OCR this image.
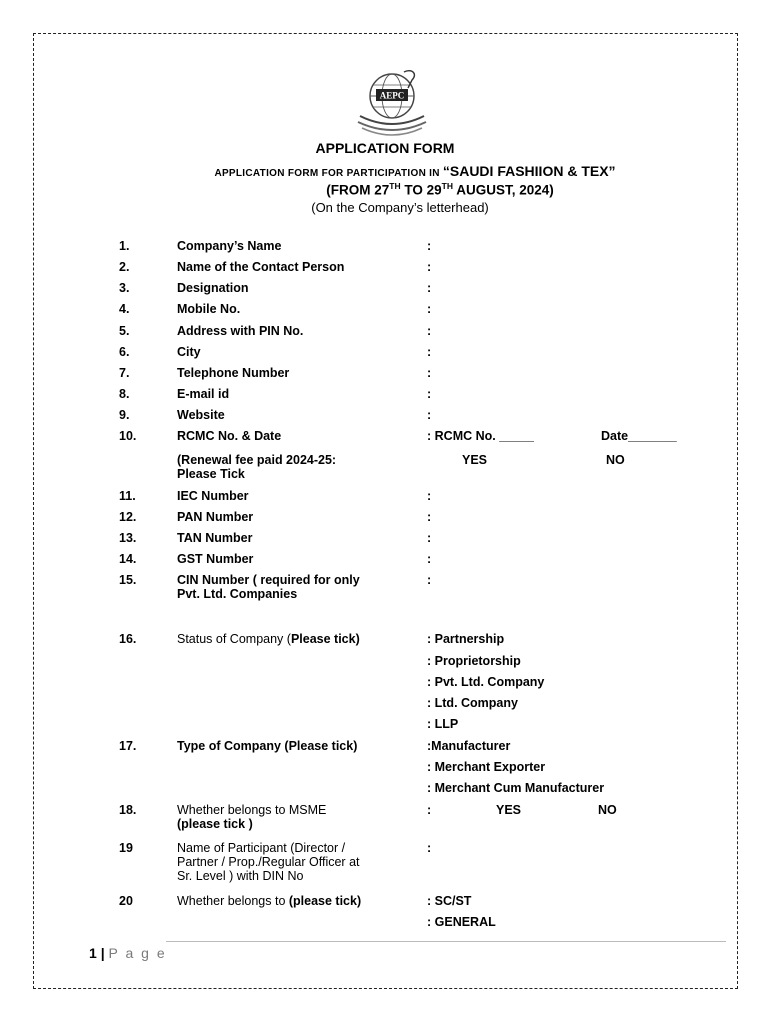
AEPC
APPLICATION FORM
APPLICATION FORM FOR PARTICIPATION IN “SAUDI FASHIION & TEX”
(FROM 27TH TO 29TH AUGUST, 2024)
(On the Company’s letterhead)
1.	Company’s Name	:
2.	Name of the Contact Person	:
3.	Designation	:
4.	Mobile No.	:
5.	Address with PIN No.	:
6.	City	:
7.	Telephone Number	:
8.	E-mail id	:
9.	Website	:
10.	RCMC No. & Date	: RCMC No. _____	Date_______
(Renewal fee paid 2024-25:
Please Tick
YES	NO
11.	IEC Number	:
12.	PAN Number	:
13.	TAN Number	:
14.	GST Number	:
15.	CIN Number ( required for only
Pvt. Ltd. Companies
:
16.	Status of Company (Please tick)	: Partnership
: Proprietorship
: Pvt. Ltd. Company
: Ltd. Company
: LLP
17.	Type of Company (Please tick)	:Manufacturer
: Merchant Exporter
: Merchant Cum Manufacturer
18.	Whether belongs to MSME
(please tick )
:	YES	NO
19	Name of Participant (Director /
Partner / Prop./Regular Officer at
Sr. Level ) with DIN No
:
20	Whether belongs to (please tick)	: SC/ST
: GENERAL
1 | P a g e
